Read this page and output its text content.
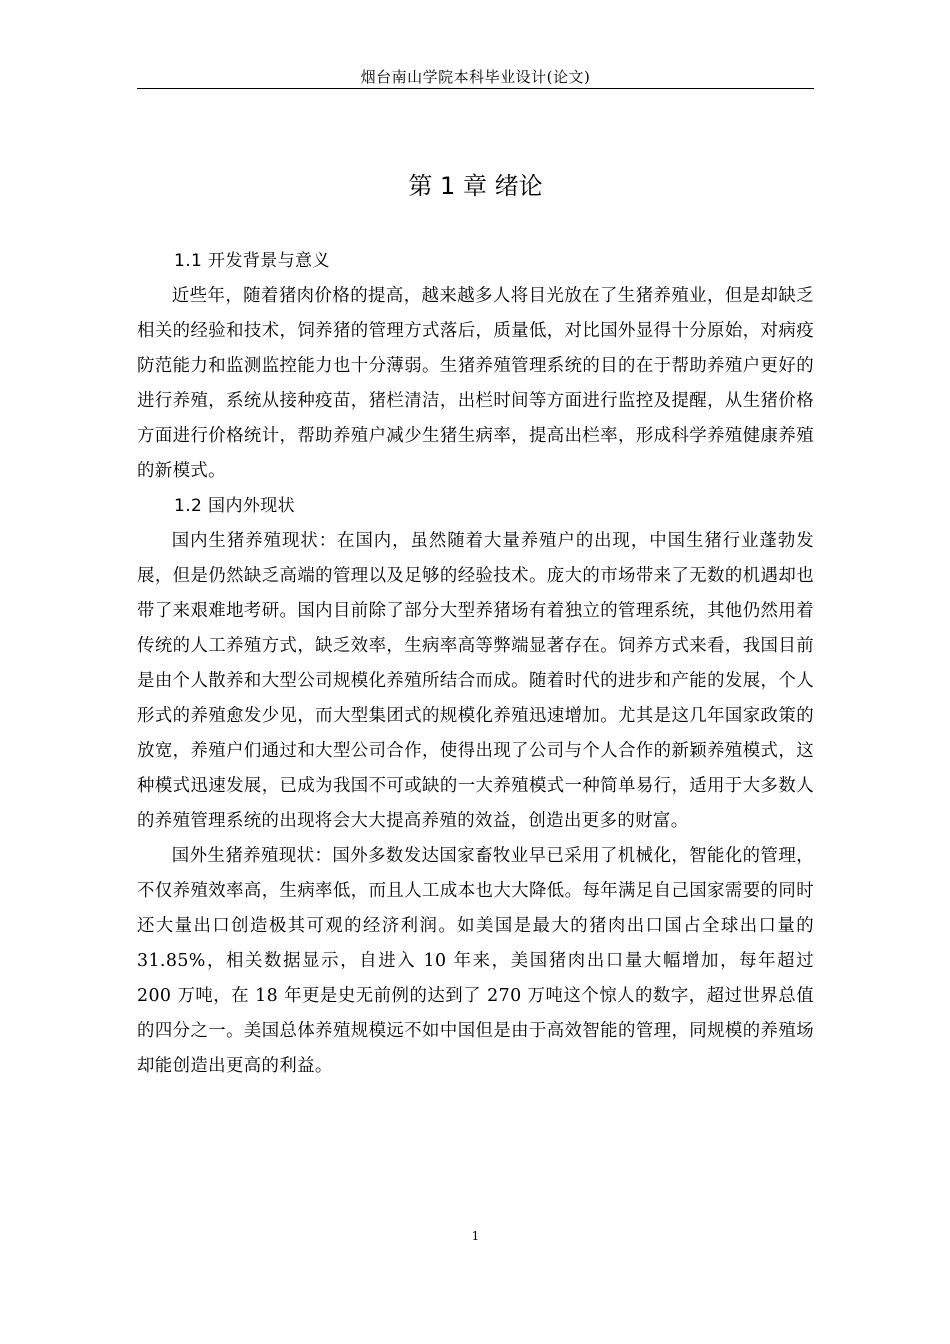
烟台南山学院本科毕业设计(论文)
第 1 章 绪论

1.1 开发背景与意义

近些年，随着猪肉价格的提高，越来越多人将目光放在了生猪养殖业，但是却缺乏相关的经验和技术，饲养猪的管理方式落后，质量低，对比国外显得十分原始，对病疫防范能力和监测监控能力也十分薄弱。生猪养殖管理系统的目的在于帮助养殖户更好的进行养殖，系统从接种疫苗，猪栏清洁，出栏时间等方面进行监控及提醒，从生猪价格方面进行价格统计，帮助养殖户减少生猪生病率，提高出栏率，形成科学养殖健康养殖的新模式。

1.2 国内外现状

国内生猪养殖现状：在国内，虽然随着大量养殖户的出现，中国生猪行业蓬勃发展，但是仍然缺乏高端的管理以及足够的经验技术。庞大的市场带来了无数的机遇却也带了来艰难地考研。国内目前除了部分大型养猪场有着独立的管理系统，其他仍然用着传统的人工养殖方式，缺乏效率，生病率高等弊端显著存在。饲养方式来看，我国目前是由个人散养和大型公司规模化养殖所结合而成。随着时代的进步和产能的发展，个人形式的养殖愈发少见，而大型集团式的规模化养殖迅速增加。尤其是这几年国家政策的放宽，养殖户们通过和大型公司合作，使得出现了公司与个人合作的新颖养殖模式，这种模式迅速发展，已成为我国不可或缺的一大养殖模式一种简单易行，适用于大多数人的养殖管理系统的出现将会大大提高养殖的效益，创造出更多的财富。

国外生猪养殖现状：国外多数发达国家畜牧业早已采用了机械化，智能化的管理，不仅养殖效率高，生病率低，而且人工成本也大大降低。每年满足自己国家需要的同时还大量出口创造极其可观的经济利润。如美国是最大的猪肉出口国占全球出口量的 31.85%，相关数据显示，自进入 10 年来，美国猪肉出口量大幅增加，每年超过 200 万吨，在 18 年更是史无前例的达到了 270 万吨这个惊人的数字，超过世界总值的四分之一。美国总体养殖规模远不如中国但是由于高效智能的管理，同规模的养殖场却能创造出更高的利益。

1
